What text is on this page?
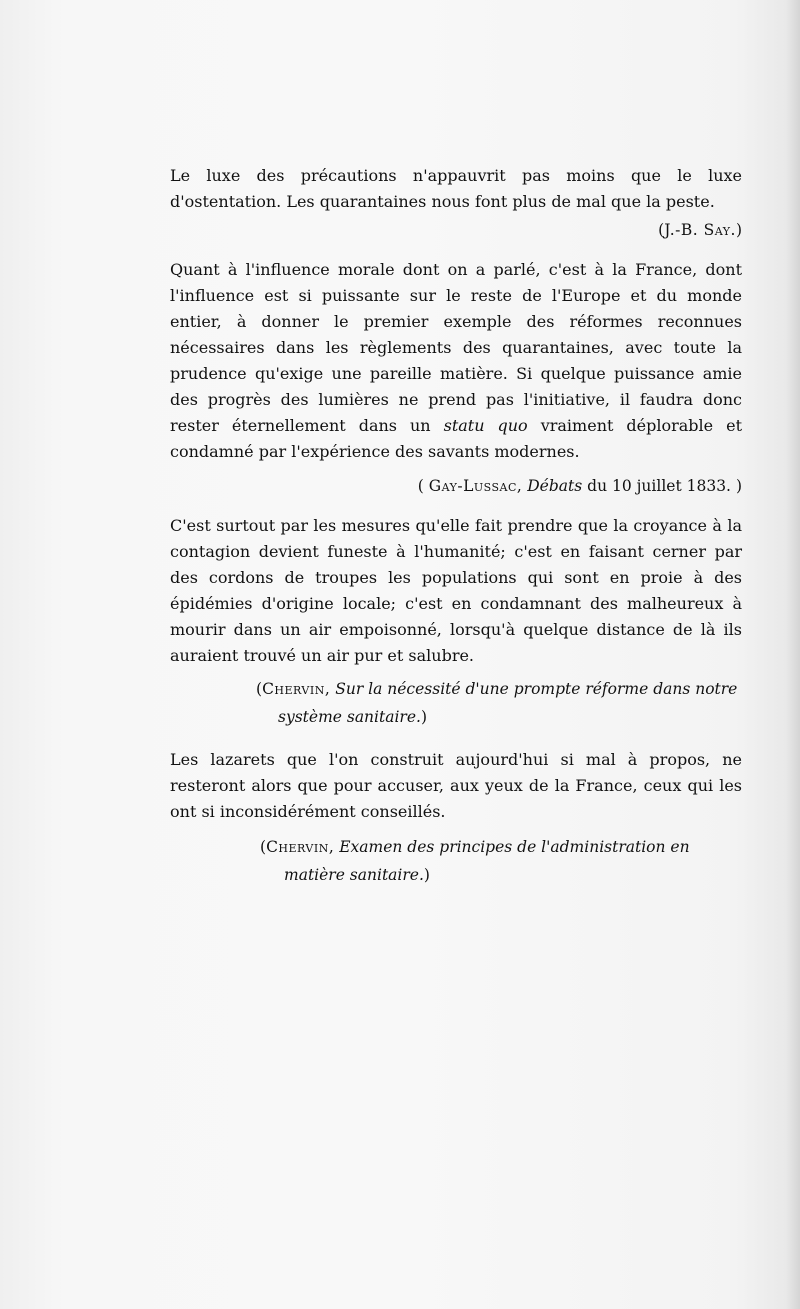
Le luxe des précautions n'appauvrit pas moins que le luxe d'ostentation. Les quarantaines nous font plus de mal que la peste.

(J.-B. Say.)

Quant à l'influence morale dont on a parlé, c'est à la France, dont l'influence est si puissante sur le reste de l'Europe et du monde entier, à donner le premier exemple des réformes reconnues nécessaires dans les règlements des quarantaines, avec toute la prudence qu'exige une pareille matière. Si quelque puissance amie des progrès des lumières ne prend pas l'initiative, il faudra donc rester éternellement dans un statu quo vraiment déplorable et condamné par l'expérience des savants modernes.

( Gay-Lussac, Débats du 10 juillet 1833. )

C'est surtout par les mesures qu'elle fait prendre que la croyance à la contagion devient funeste à l'humanité; c'est en faisant cerner par des cordons de troupes les populations qui sont en proie à des épidémies d'origine locale; c'est en condamnant des malheureux à mourir dans un air empoisonné, lorsqu'à quelque distance de là ils auraient trouvé un air pur et salubre.

(Chervin, Sur la nécessité d'une prompte réforme dans notre
système sanitaire.)

Les lazarets que l'on construit aujourd'hui si mal à propos, ne resteront alors que pour accuser, aux yeux de la France, ceux qui les ont si inconsidérément conseillés.

(Chervin, Examen des principes de l'administration en
matière sanitaire.)
